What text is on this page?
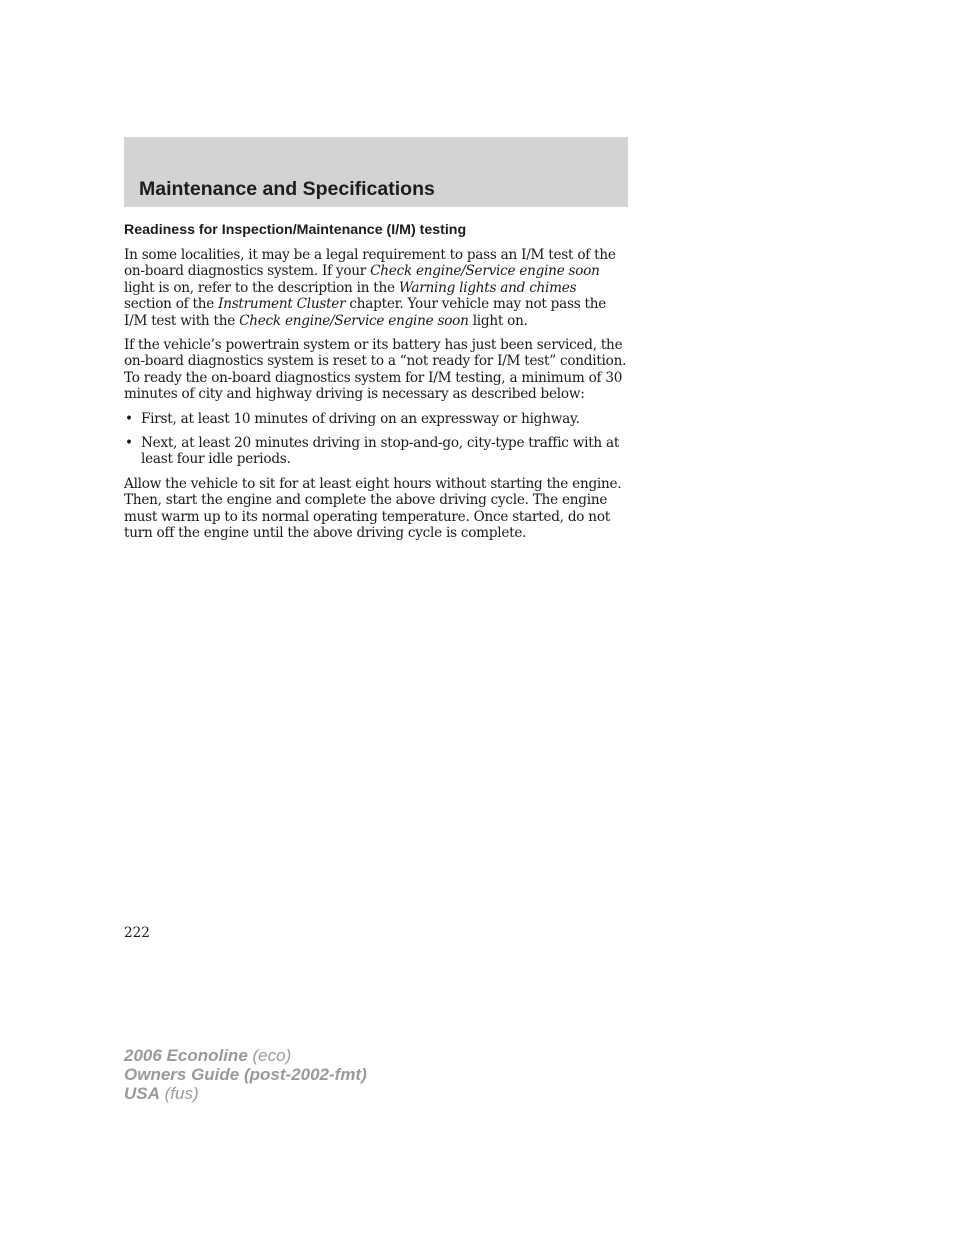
Maintenance and Specifications
Readiness for Inspection/Maintenance (I/M) testing

In some localities, it may be a legal requirement to pass an I/M test of the on-board diagnostics system. If your Check engine/Service engine soon light is on, refer to the description in the Warning lights and chimes section of the Instrument Cluster chapter. Your vehicle may not pass the I/M test with the Check engine/Service engine soon light on.

If the vehicle’s powertrain system or its battery has just been serviced, the on-board diagnostics system is reset to a “not ready for I/M test” condition. To ready the on-board diagnostics system for I/M testing, a minimum of 30 minutes of city and highway driving is necessary as described below:

• First, at least 10 minutes of driving on an expressway or highway.
• Next, at least 20 minutes driving in stop-and-go, city-type traffic with at least four idle periods.

Allow the vehicle to sit for at least eight hours without starting the engine. Then, start the engine and complete the above driving cycle. The engine must warm up to its normal operating temperature. Once started, do not turn off the engine until the above driving cycle is complete.

222
2006 Econoline (eco)
Owners Guide (post-2002-fmt)
USA (fus)
